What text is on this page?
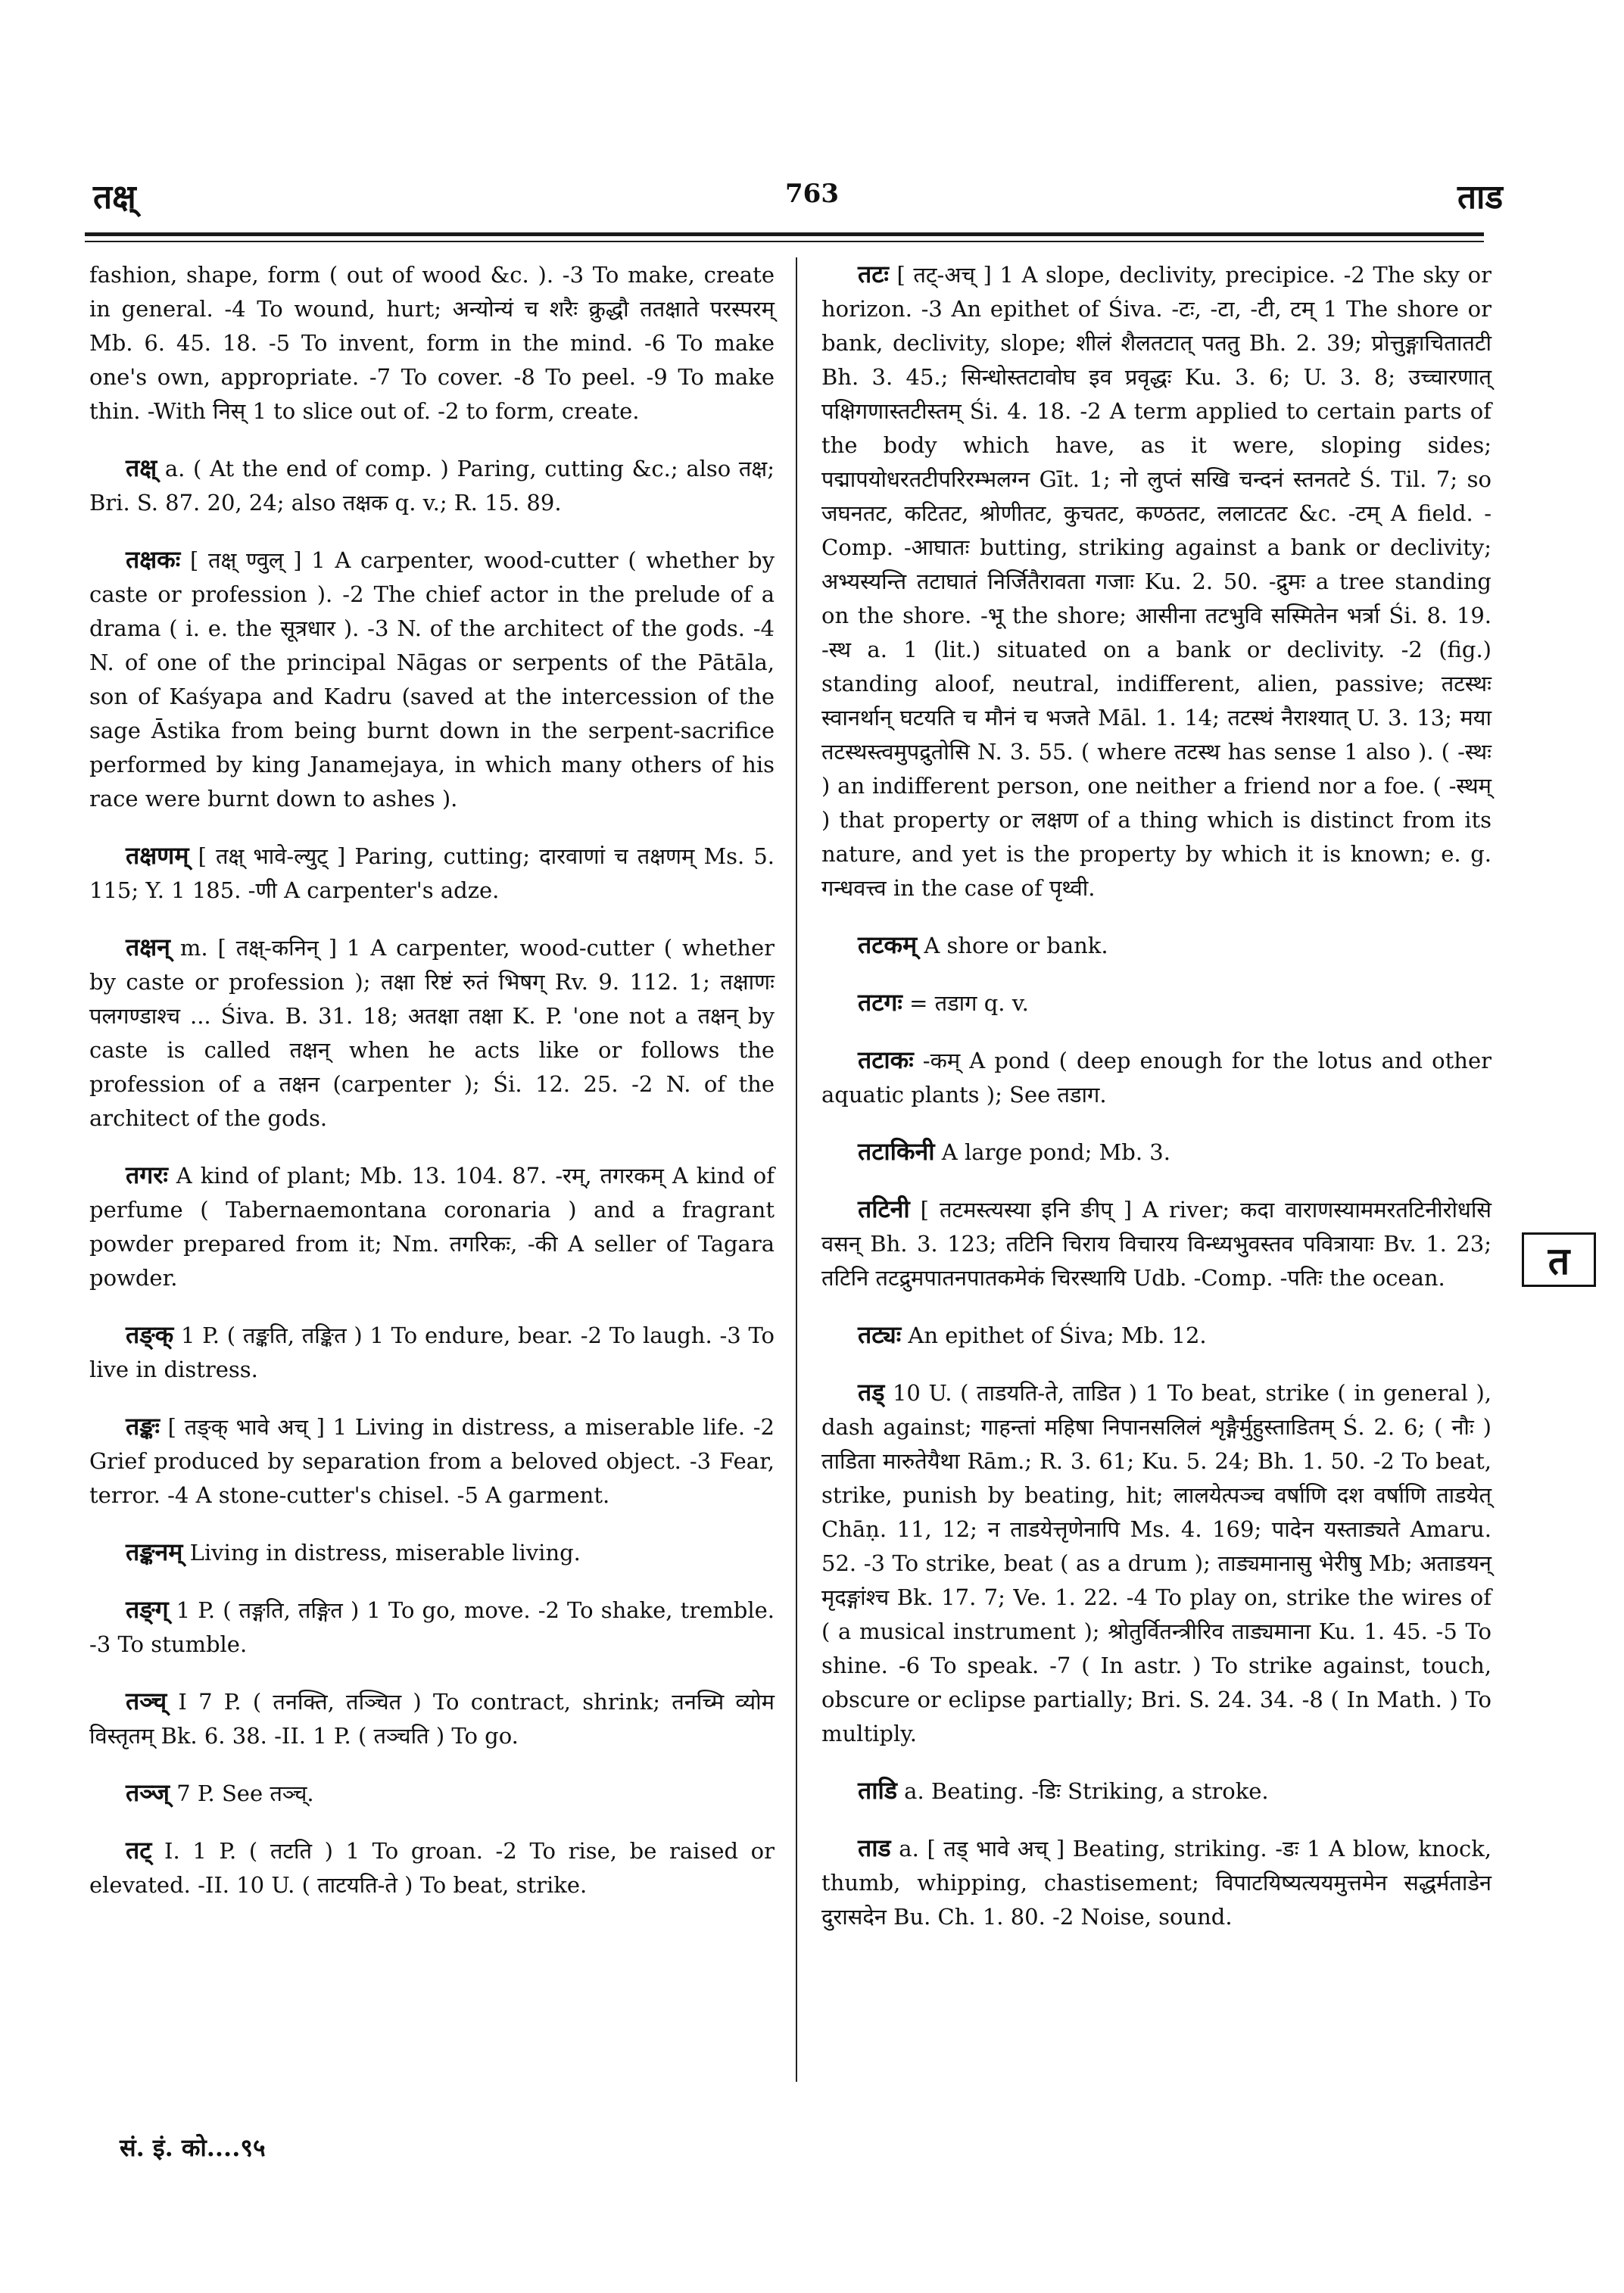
तक्ष्	763	ताड

fashion, shape, form ( out of wood &c. ). -3 To make, create in general. -4 To wound, hurt; अन्योन्यं च शरैः क्रुद्धौ ततक्षाते परस्परम् Mb. 6. 45. 18. -5 To invent, form in the mind. -6 To make one's own, appropriate. -7 To cover. -8 To peel. -9 To make thin. -With निस् 1 to slice out of. -2 to form, create.

तक्ष् a. ( At the end of comp. ) Paring, cutting &c.; also तक्ष; Bri. S. 87. 20, 24; also तक्षक q. v.; R. 15. 89.

तक्षकः [ तक्ष् ण्वुल् ] 1 A carpenter, wood-cutter ( whether by caste or profession ). -2 The chief actor in the prelude of a drama ( i. e. the सूत्रधार ). -3 N. of the architect of the gods. -4 N. of one of the principal Nāgas or serpents of the Pātāla, son of Kaśyapa and Kadru (saved at the intercession of the sage Āstika from being burnt down in the serpent-sacrifice performed by king Janamejaya, in which many others of his race were burnt down to ashes ).

तक्षणम् [ तक्ष् भावे-ल्युट् ] Paring, cutting; दारवाणां च तक्षणम् Ms. 5. 115; Y. 1 185. -णी A carpenter's adze.

तक्षन् m. [ तक्ष्-कनिन् ] 1 A carpenter, wood-cutter ( whether by caste or profession ); तक्षा रिष्टं रुतं भिषग् Rv. 9. 112. 1; तक्षाणः पलगण्डाश्च ... Śiva. B. 31. 18; अतक्षा तक्षा K. P. 'one not a तक्षन् by caste is called तक्षन् when he acts like or follows the profession of a तक्षन (carpenter ); Śi. 12. 25. -2 N. of the architect of the gods.

तगरः A kind of plant; Mb. 13. 104. 87. -रम्, तगरकम् A kind of perfume ( Tabernaemontana coronaria ) and a fragrant powder prepared from it; Nm. तगरिकः, -की A seller of Tagara powder.

तङ्क् 1 P. ( तङ्कति, तङ्कित ) 1 To endure, bear. -2 To laugh. -3 To live in distress.

तङ्कः [ तङ्क् भावे अच् ] 1 Living in distress, a miserable life. -2 Grief produced by separation from a beloved object. -3 Fear, terror. -4 A stone-cutter's chisel. -5 A garment.

तङ्कनम् Living in distress, miserable living.

तङ्ग् 1 P. ( तङ्गति, तङ्गित ) 1 To go, move. -2 To shake, tremble. -3 To stumble.

तञ्च् I 7 P. ( तनक्ति, तञ्चित ) To contract, shrink; तनच्मि व्योम विस्तृतम् Bk. 6. 38. -II. 1 P. ( तञ्चति ) To go.

तञ्ज् 7 P. See तञ्च्.

तट् I. 1 P. ( तटति ) 1 To groan. -2 To rise, be raised or elevated. -II. 10 U. ( ताटयति-ते ) To beat, strike.

तटः [ तट्-अच् ] 1 A slope, declivity, precipice. -2 The sky or horizon. -3 An epithet of Śiva. -टः, -टा, -टी, टम् 1 The shore or bank, declivity, slope; शीलं शैलतटात् पततु Bh. 2. 39; प्रोत्तुङ्गाचितातटी Bh. 3. 45.; सिन्धोस्तटावोघ इव प्रवृद्धः Ku. 3. 6; U. 3. 8; उच्चारणात् पक्षिगणास्तटीस्तम् Śi. 4. 18. -2 A term applied to certain parts of the body which have, as it were, sloping sides; पद्मापयोधरतटीपरिरम्भलग्न Gīt. 1; नो लुप्तं सखि चन्दनं स्तनतटे Ś. Til. 7; so जघनतट, कटितट, श्रोणीतट, कुचतट, कण्ठतट, ललाटतट &c. -टम् A field. -Comp. -आघातः butting, striking against a bank or declivity; अभ्यस्यन्ति तटाघातं निर्जितैरावता गजाः Ku. 2. 50. -द्रुमः a tree standing on the shore. -भू the shore; आसीना तटभुवि सस्मितेन भर्त्रा Śi. 8. 19. -स्थ a. 1 (lit.) situated on a bank or declivity. -2 (fig.) standing aloof, neutral, indifferent, alien, passive; तटस्थः स्वानर्थान् घटयति च मौनं च भजते Māl. 1. 14; तटस्थं नैराश्यात् U. 3. 13; मया तटस्थस्त्वमुपद्रुतोसि N. 3. 55. ( where तटस्थ has sense 1 also ). ( -स्थः ) an indifferent person, one neither a friend nor a foe. ( -स्थम् ) that property or लक्षण of a thing which is distinct from its nature, and yet is the property by which it is known; e. g. गन्धवत्त्व in the case of पृथ्वी.

तटकम् A shore or bank.

तटगः = तडाग q. v.

तटाकः -कम् A pond ( deep enough for the lotus and other aquatic plants ); See तडाग.

तटाकिनी A large pond; Mb. 3.

तटिनी [ तटमस्त्यस्या इनि ङीप् ] A river; कदा वाराणस्याममरतटिनीरोधसि वसन् Bh. 3. 123; तटिनि चिराय विचारय विन्ध्यभुवस्तव पवित्रायाः Bv. 1. 23; तटिनि तटद्रुमपातनपातकमेकं चिरस्थायि Udb. -Comp. -पतिः the ocean.

तट्यः An epithet of Śiva; Mb. 12.

तड् 10 U. ( ताडयति-ते, ताडित ) 1 To beat, strike ( in general ), dash against; गाहन्तां महिषा निपानसलिलं शृङ्गैर्मुहुस्ताडितम् Ś. 2. 6; ( नौः ) ताडिता मारुतेयैथा Rām.; R. 3. 61; Ku. 5. 24; Bh. 1. 50. -2 To beat, strike, punish by beating, hit; लालयेत्पञ्च वर्षाणि दश वर्षाणि ताडयेत् Chāṇ. 11, 12; न ताडयेत्तृणेनापि Ms. 4. 169; पादेन यस्ताड्यते Amaru. 52. -3 To strike, beat ( as a drum ); ताड्यमानासु भेरीषु Mb; अताडयन् मृदङ्गांश्च Bk. 17. 7; Ve. 1. 22. -4 To play on, strike the wires of ( a musical instrument ); श्रोतुर्वितन्त्रीरिव ताड्यमाना Ku. 1. 45. -5 To shine. -6 To speak. -7 ( In astr. ) To strike against, touch, obscure or eclipse partially; Bri. S. 24. 34. -8 ( In Math. ) To multiply.

ताडि a. Beating. -डिः Striking, a stroke.

ताड a. [ तड् भावे अच् ] Beating, striking. -डः 1 A blow, knock, thumb, whipping, chastisement; विपाटयिष्यत्ययमुत्तमेन सद्धर्मताडेन दुरासदेन Bu. Ch. 1. 80. -2 Noise, sound.

त
सं. इं. को....९५
